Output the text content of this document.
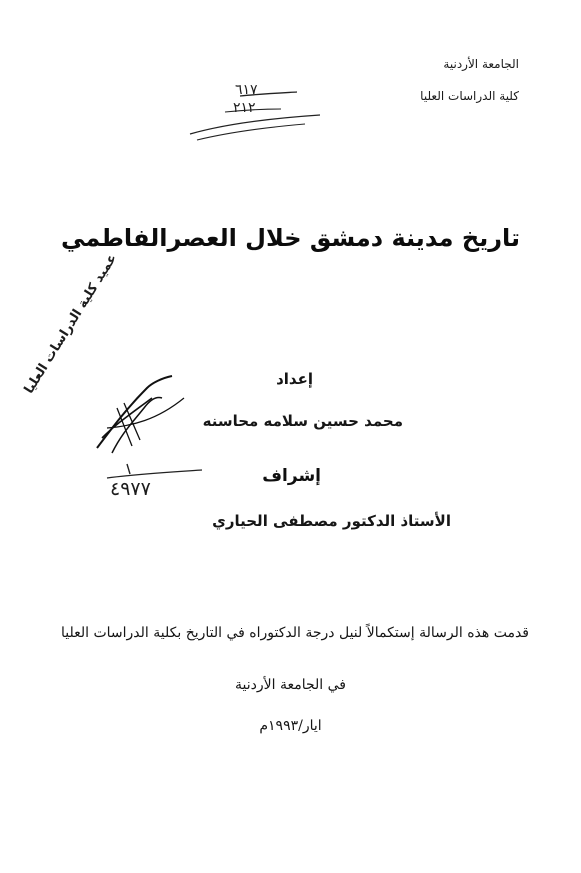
الجامعة الأردنية
كلية الدراسات العليا
٦١٧
٢١٢
تاريخ مدينة دمشق خلال العصرالفاطمي
عميد كلية الدراسات العليا
٤٩٧٧
إعداد
محمد حسين سلامه محاسنه
إشراف
الأستاذ الدكتور مصطفى الحياري
قدمت هذه الرسالة إستكمالاً لنيل درجة الدكتوراه في التاريخ بكلية الدراسات العليا
في الجامعة الأردنية
ايار/١٩٩٣م
